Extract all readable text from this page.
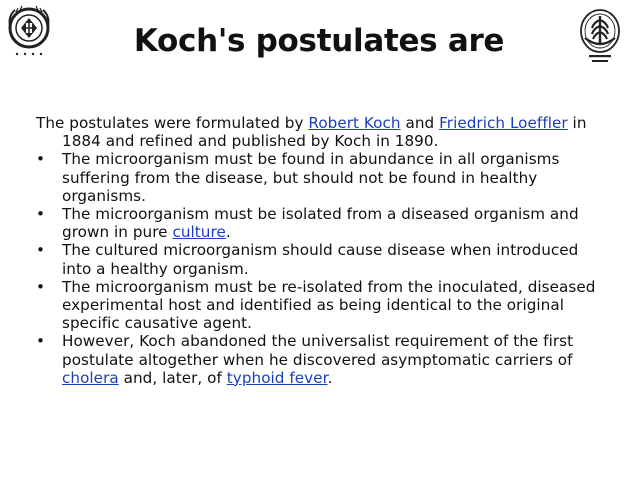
Koch's postulates are

The postulates were formulated by Robert Koch and Friedrich Loeffler in 1884 and refined and published by Koch in 1890.

•	The microorganism must be found in abundance in all organisms suffering from the disease, but should not be found in healthy organisms.
•	The microorganism must be isolated from a diseased organism and grown in pure culture.
•	The cultured microorganism should cause disease when introduced into a healthy organism.
•	The microorganism must be re-isolated from the inoculated, diseased experimental host and identified as being identical to the original specific causative agent.
•	However, Koch abandoned the universalist requirement of the first postulate altogether when he discovered asymptomatic carriers of cholera and, later, of typhoid fever.
